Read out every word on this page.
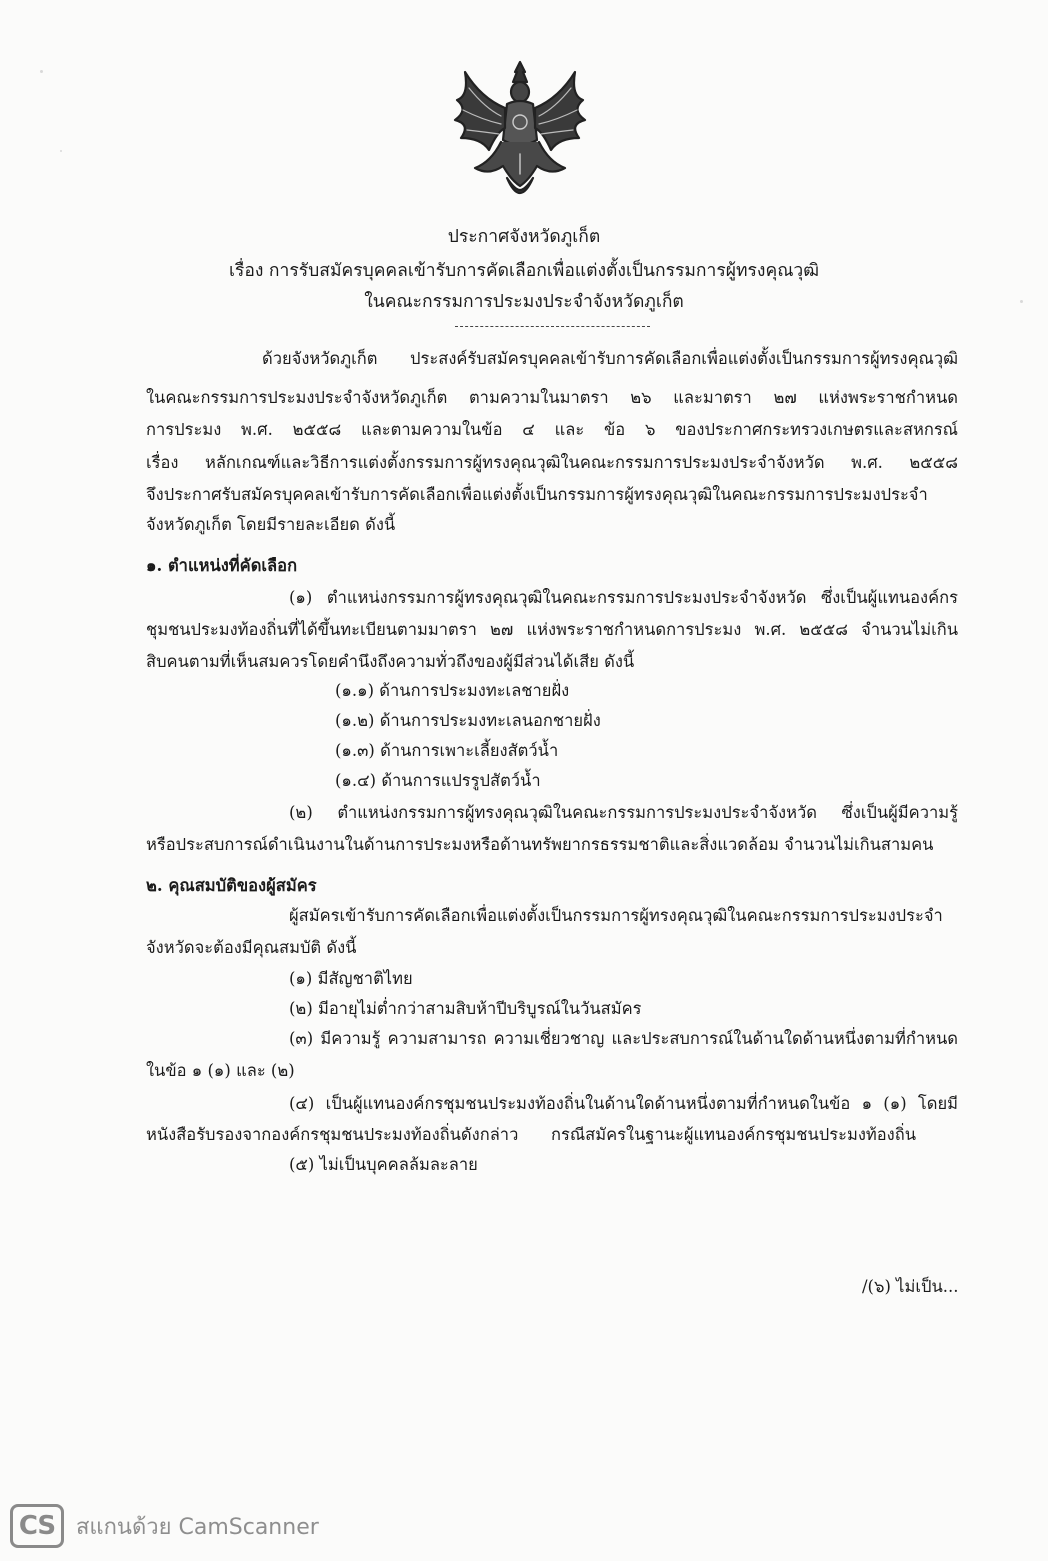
ประกาศจังหวัดภูเก็ต
เรื่อง การรับสมัครบุคคลเข้ารับการคัดเลือกเพื่อแต่งตั้งเป็นกรรมการผู้ทรงคุณวุฒิ
ในคณะกรรมการประมงประจำจังหวัดภูเก็ต
ด้วยจังหวัดภูเก็ต ประสงค์รับสมัครบุคคลเข้ารับการคัดเลือกเพื่อแต่งตั้งเป็นกรรมการผู้ทรงคุณวุฒิ
ในคณะกรรมการประมงประจำจังหวัดภูเก็ต ตามความในมาตรา ๒๖ และมาตรา ๒๗ แห่งพระราชกำหนด
การประมง พ.ศ. ๒๕๕๘ และตามความในข้อ ๔ และ ข้อ ๖ ของประกาศกระทรวงเกษตรและสหกรณ์
เรื่อง หลักเกณฑ์และวิธีการแต่งตั้งกรรมการผู้ทรงคุณวุฒิในคณะกรรมการประมงประจำจังหวัด พ.ศ. ๒๕๕๘
จึงประกาศรับสมัครบุคคลเข้ารับการคัดเลือกเพื่อแต่งตั้งเป็นกรรมการผู้ทรงคุณวุฒิในคณะกรรมการประมงประจำ
จังหวัดภูเก็ต โดยมีรายละเอียด ดังนี้
๑. ตำแหน่งที่คัดเลือก
(๑) ตำแหน่งกรรมการผู้ทรงคุณวุฒิในคณะกรรมการประมงประจำจังหวัด ซึ่งเป็นผู้แทนองค์กร
ชุมชนประมงท้องถิ่นที่ได้ขึ้นทะเบียนตามมาตรา ๒๗ แห่งพระราชกำหนดการประมง พ.ศ. ๒๕๕๘ จำนวนไม่เกิน
สิบคนตามที่เห็นสมควรโดยคำนึงถึงความทั่วถึงของผู้มีส่วนได้เสีย ดังนี้
(๑.๑) ด้านการประมงทะเลชายฝั่ง
(๑.๒) ด้านการประมงทะเลนอกชายฝั่ง
(๑.๓) ด้านการเพาะเลี้ยงสัตว์น้ำ
(๑.๔) ด้านการแปรรูปสัตว์น้ำ
(๒) ตำแหน่งกรรมการผู้ทรงคุณวุฒิในคณะกรรมการประมงประจำจังหวัด ซึ่งเป็นผู้มีความรู้
หรือประสบการณ์ดำเนินงานในด้านการประมงหรือด้านทรัพยากรธรรมชาติและสิ่งแวดล้อม จำนวนไม่เกินสามคน
๒. คุณสมบัติของผู้สมัคร
ผู้สมัครเข้ารับการคัดเลือกเพื่อแต่งตั้งเป็นกรรมการผู้ทรงคุณวุฒิในคณะกรรมการประมงประจำ
จังหวัดจะต้องมีคุณสมบัติ ดังนี้
(๑) มีสัญชาติไทย
(๒) มีอายุไม่ต่ำกว่าสามสิบห้าปีบริบูรณ์ในวันสมัคร
(๓) มีความรู้ ความสามารถ ความเชี่ยวชาญ และประสบการณ์ในด้านใดด้านหนึ่งตามที่กำหนด
ในข้อ ๑ (๑) และ (๒)
(๔) เป็นผู้แทนองค์กรชุมชนประมงท้องถิ่นในด้านใดด้านหนึ่งตามที่กำหนดในข้อ ๑ (๑) โดยมี
หนังสือรับรองจากองค์กรชุมชนประมงท้องถิ่นดังกล่าว กรณีสมัครในฐานะผู้แทนองค์กรชุมชนประมงท้องถิ่น
(๕) ไม่เป็นบุคคลล้มละลาย
/(๖) ไม่เป็น...
CS สแกนด้วย CamScanner
